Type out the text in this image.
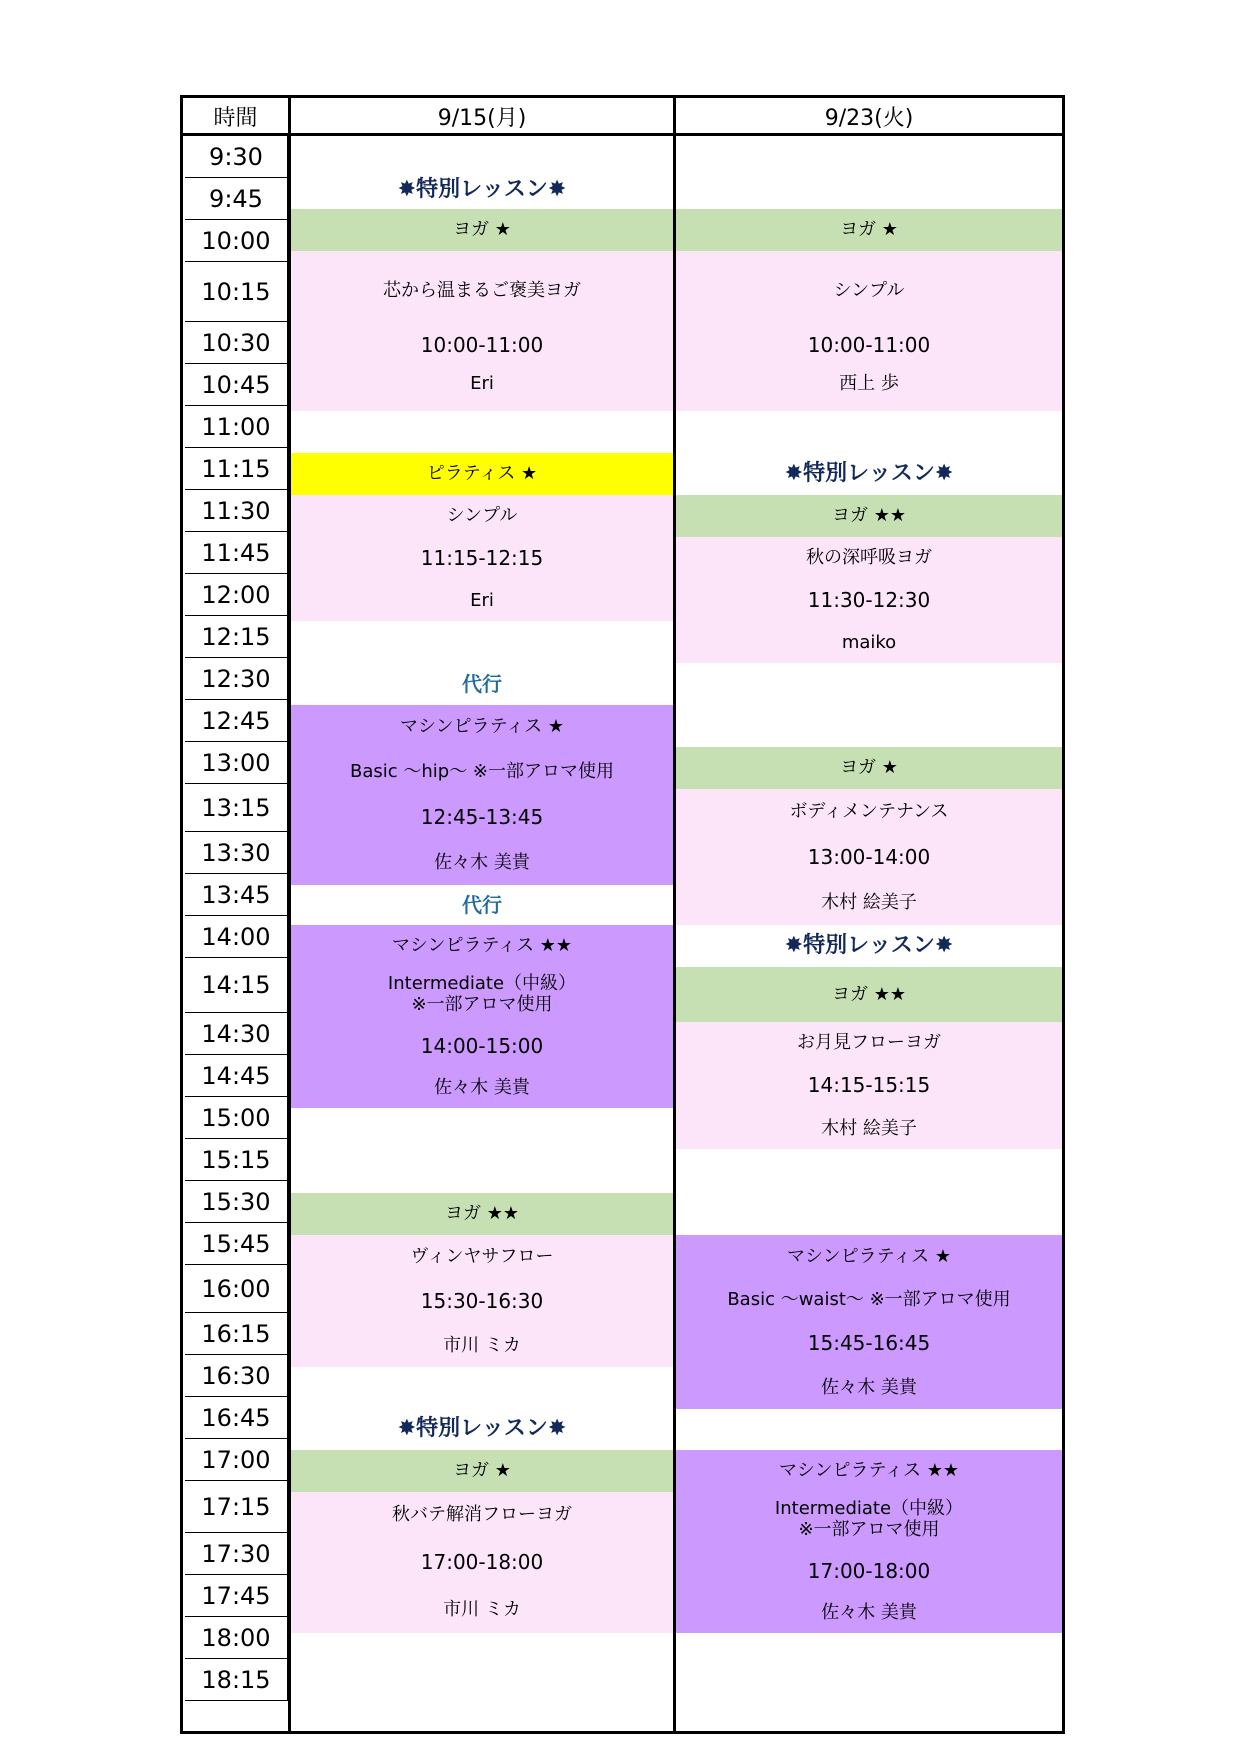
時間	9/15(月)	9/23(火)
9:30
9:45
10:00
10:15
10:30
10:45
11:00
11:15
11:30
11:45
12:00
12:15
12:30
12:45
13:00
13:15
13:30
13:45
14:00
14:15
14:30
14:45
15:00
15:15
15:30
15:45
16:00
16:15
16:30
16:45
17:00
17:15
17:30
17:45
18:00
18:15
✸特別レッスン✸
ヨガ ★
芯から温まるご褒美ヨガ
10:00-11:00
Eri
ピラティス ★
シンプル
11:15-12:15
Eri
代行
マシンピラティス ★
Basic ～hip～ ※一部アロマ使用
12:45-13:45
佐々木 美貴
代行
マシンピラティス ★★
Intermediate（中級）
※一部アロマ使用
14:00-15:00
佐々木 美貴
ヨガ ★★
ヴィンヤサフロー
15:30-16:30
市川 ミカ
✸特別レッスン✸
ヨガ ★
秋バテ解消フローヨガ
17:00-18:00
市川 ミカ
ヨガ ★
シンプル
10:00-11:00
西上 歩
✸特別レッスン✸
ヨガ ★★
秋の深呼吸ヨガ
11:30-12:30
maiko
ヨガ ★
ボディメンテナンス
13:00-14:00
木村 絵美子
✸特別レッスン✸
ヨガ ★★
お月見フローヨガ
14:15-15:15
木村 絵美子
マシンピラティス ★
Basic ～waist～ ※一部アロマ使用
15:45-16:45
佐々木 美貴
マシンピラティス ★★
Intermediate（中級）
※一部アロマ使用
17:00-18:00
佐々木 美貴
